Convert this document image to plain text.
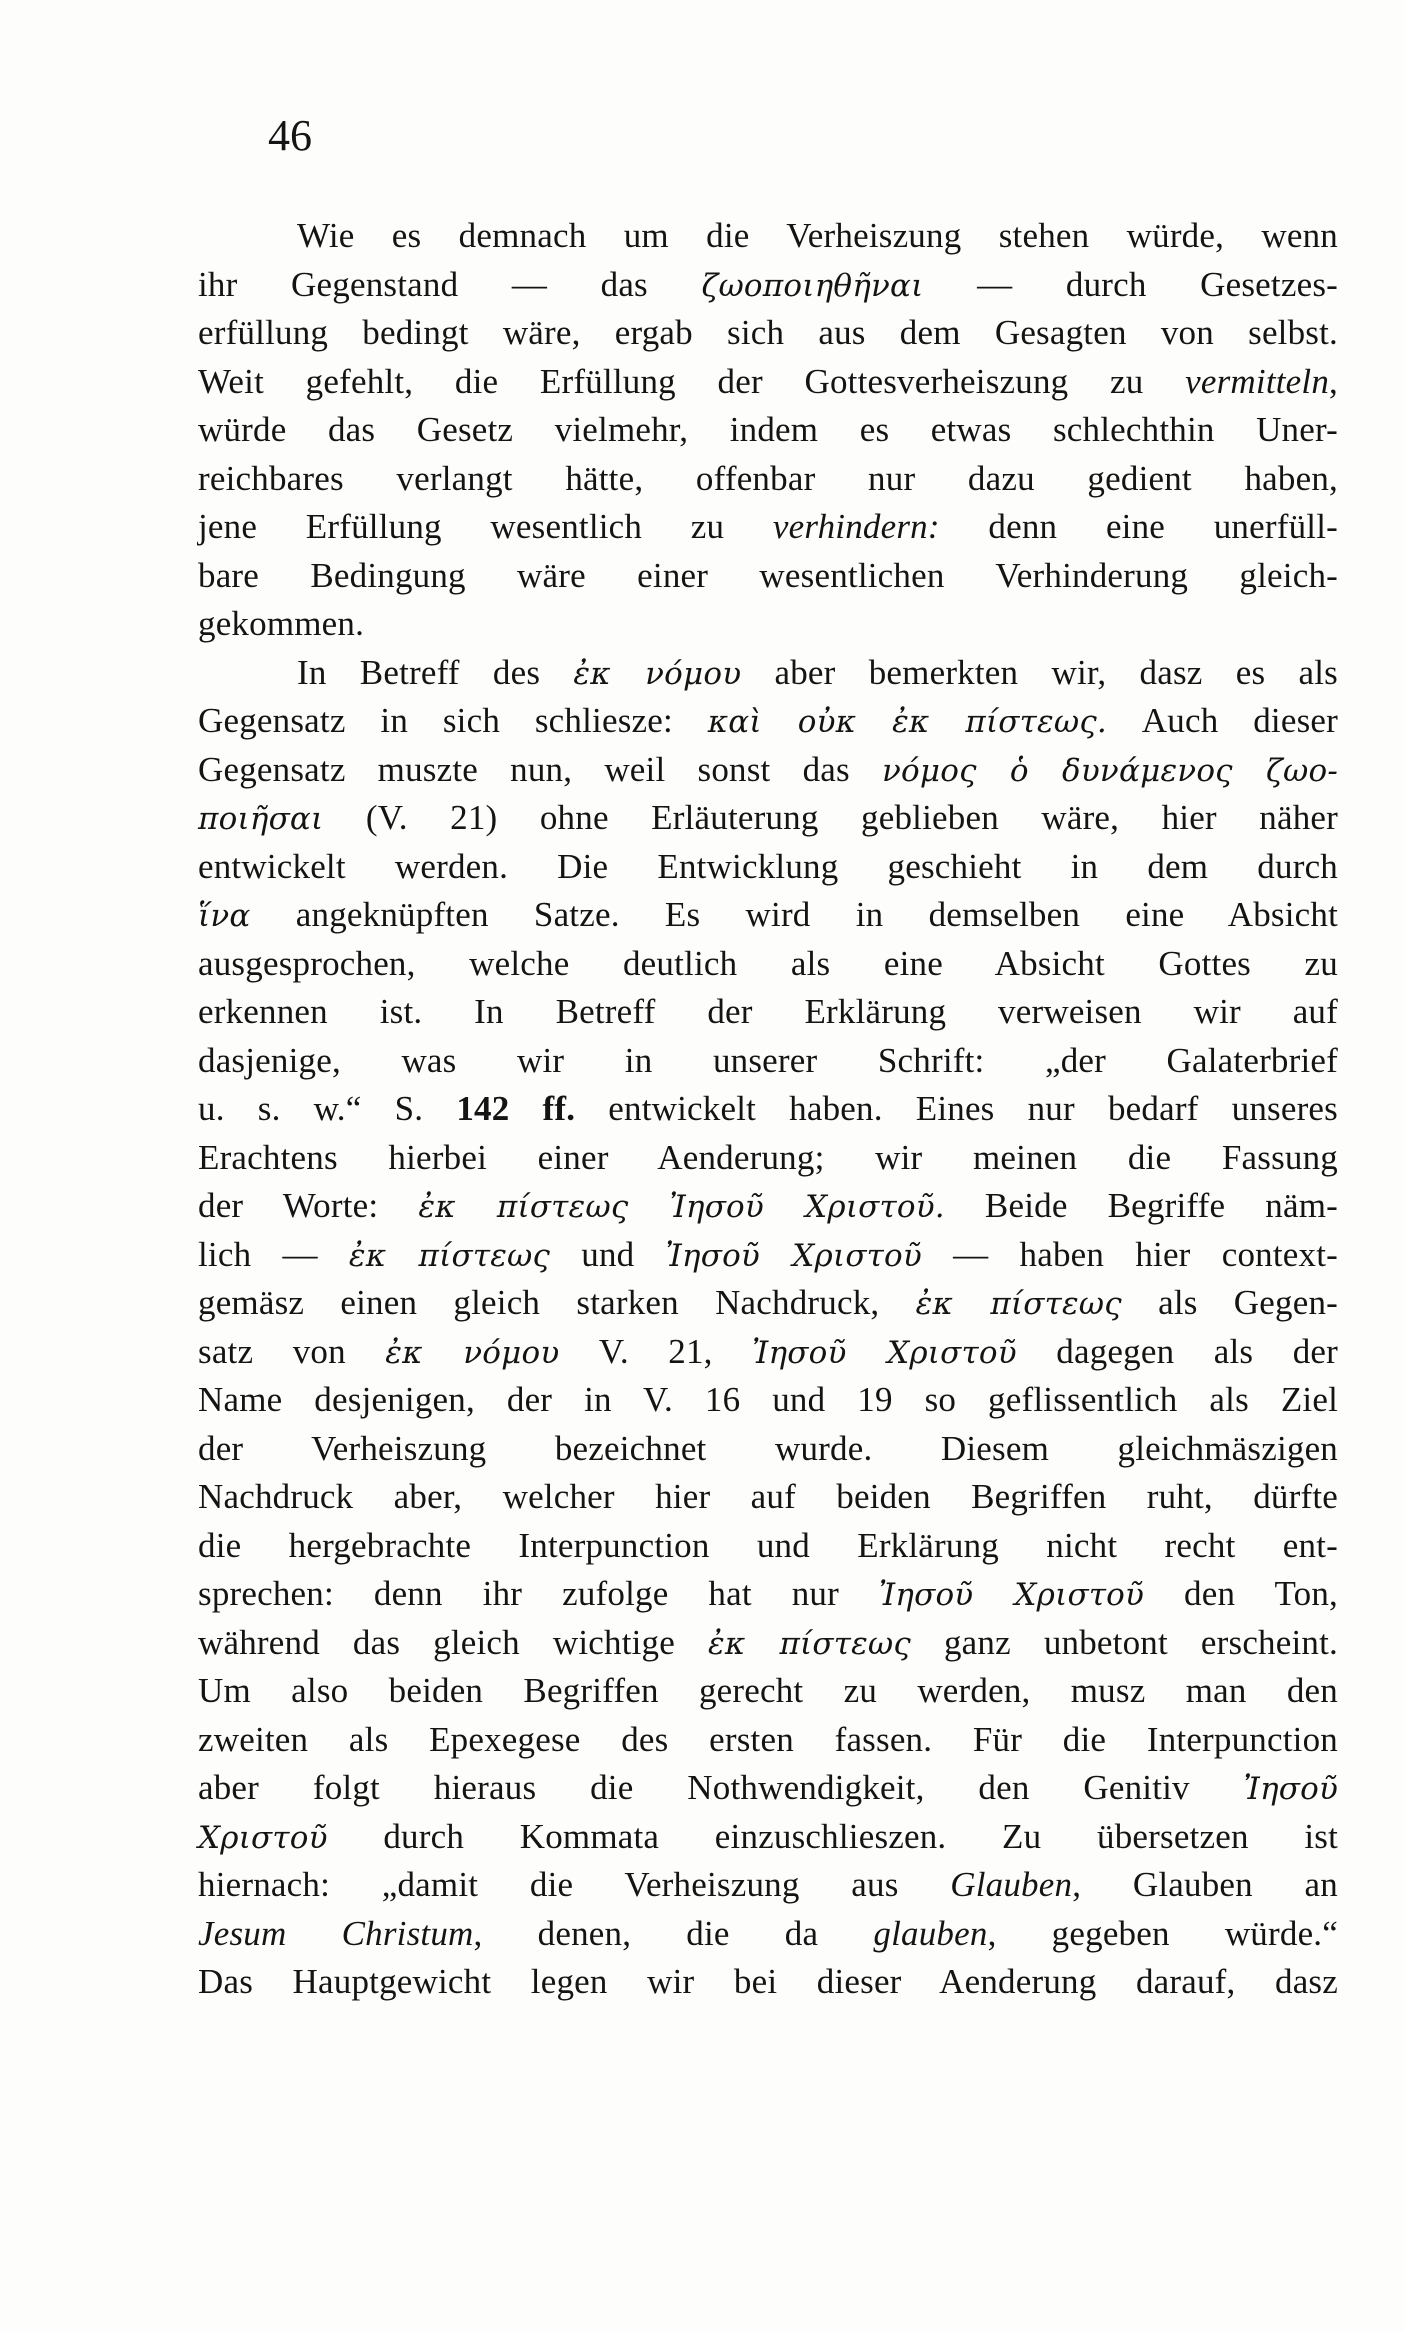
46
Wie es demnach um die Verheiszung stehen würde, wenn
ihr Gegenstand — das ζωοποιηθῆναι — durch Gesetzes-
erfüllung bedingt wäre, ergab sich aus dem Gesagten von selbst.
Weit gefehlt, die Erfüllung der Gottesverheiszung zu vermitteln,
würde das Gesetz vielmehr, indem es etwas schlechthin Uner-
reichbares verlangt hätte, offenbar nur dazu gedient haben,
jene Erfüllung wesentlich zu verhindern: denn eine unerfüll-
bare Bedingung wäre einer wesentlichen Verhinderung gleich-
gekommen.
In Betreff des ἐκ νόμου aber bemerkten wir, dasz es als
Gegensatz in sich schliesze: καὶ οὐκ ἐκ πίστεως. Auch dieser
Gegensatz muszte nun, weil sonst das νόμος ὁ δυνάμενος ζωο-
ποιῆσαι (V. 21) ohne Erläuterung geblieben wäre, hier näher
entwickelt werden. Die Entwicklung geschieht in dem durch
ἵνα angeknüpften Satze. Es wird in demselben eine Absicht
ausgesprochen, welche deutlich als eine Absicht Gottes zu
erkennen ist. In Betreff der Erklärung verweisen wir auf
dasjenige, was wir in unserer Schrift: „der Galaterbrief
u. s. w.“ S. 142 ff. entwickelt haben. Eines nur bedarf unseres
Erachtens hierbei einer Aenderung; wir meinen die Fassung
der Worte: ἐκ πίστεως Ἰησοῦ Χριστοῦ. Beide Begriffe näm-
lich — ἐκ πίστεως und Ἰησοῦ Χριστοῦ — haben hier context-
gemäsz einen gleich starken Nachdruck, ἐκ πίστεως als Gegen-
satz von ἐκ νόμου V. 21, Ἰησοῦ Χριστοῦ dagegen als der
Name desjenigen, der in V. 16 und 19 so geflissentlich als Ziel
der Verheiszung bezeichnet wurde. Diesem gleichmäszigen
Nachdruck aber, welcher hier auf beiden Begriffen ruht, dürfte
die hergebrachte Interpunction und Erklärung nicht recht ent-
sprechen: denn ihr zufolge hat nur Ἰησοῦ Χριστοῦ den Ton,
während das gleich wichtige ἐκ πίστεως ganz unbetont erscheint.
Um also beiden Begriffen gerecht zu werden, musz man den
zweiten als Epexegese des ersten fassen. Für die Interpunction
aber folgt hieraus die Nothwendigkeit, den Genitiv Ἰησοῦ
Χριστοῦ durch Kommata einzuschlieszen. Zu übersetzen ist
hiernach: „damit die Verheiszung aus Glauben, Glauben an
Jesum Christum, denen, die da glauben, gegeben würde.“
Das Hauptgewicht legen wir bei dieser Aenderung darauf, dasz
